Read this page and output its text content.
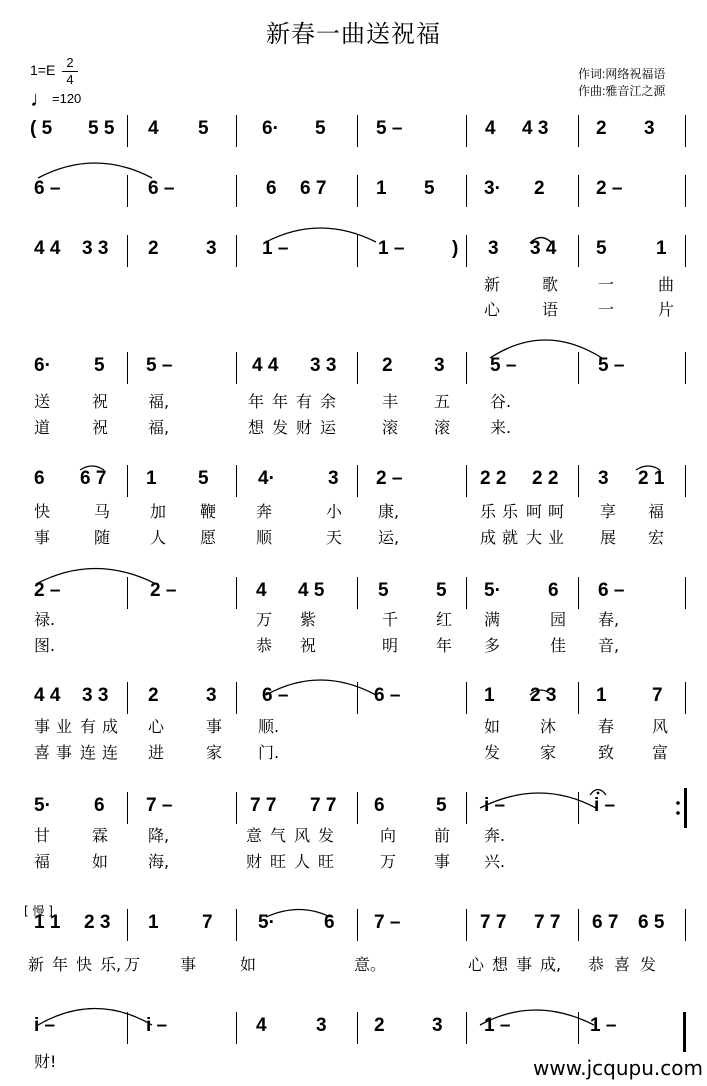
新春一曲送祝福
1=E 2
4
♩=120
作词:网络祝福语
作曲:雅音江之源
[ 慢 ]
( 5 5 5 4 5	6· 5	5 –	4 4 3	2 3
6 –	6 –	6 6 7	1 5	3· 2	2 –
4 4 3 3 2 3 1 –	1 –	) 3 3 4 5	1
新	歌 一	曲
心	语 一	片
6· 5 5 –	4 4 3 3 2 3 5 –	5 –
送	祝 福,	年 年 有 余	丰 五 谷.
道	祝 福,	想 发 财 运	滚 滚 来.
6 6 7 1 5	4·	3 2 –	2 2 2 2 3 2 1
快	马 加 鞭 奔	小 康,	乐 乐 呵 呵 享 福
事	随 人 愿 顺	天 运,	成 就 大 业 展 宏
2 –	2 –	4 4 5	5 5 5· 6 6 –
禄.	万 紫	千 红 满	园 春,
图.	恭 祝	明 年 多	佳 音,
4 4 3 3 2 3 6 –	6 –	1 2 3 1 7
事 业 有 成 心	事 顺.	如 沐	春 风
喜 事 连 连 进	家 门.	发 家	致 富
5· 6 7 –	7 7 7 7 6	5 i –	i –
甘	霖 降,	意 气 风 发	向 前 奔.
福	如 海,	财 旺 人 旺	万 事 兴.
1 1 2 3 1 7 5·	6 7 –	7 7 7 7 6 7 6 5
新 年 快 乐, 万 事	如	意。	心 想 事 成, 恭 喜 发
i –	i –	4	3 2 3 1 –	1 –
财!	www.jcqupu.com
